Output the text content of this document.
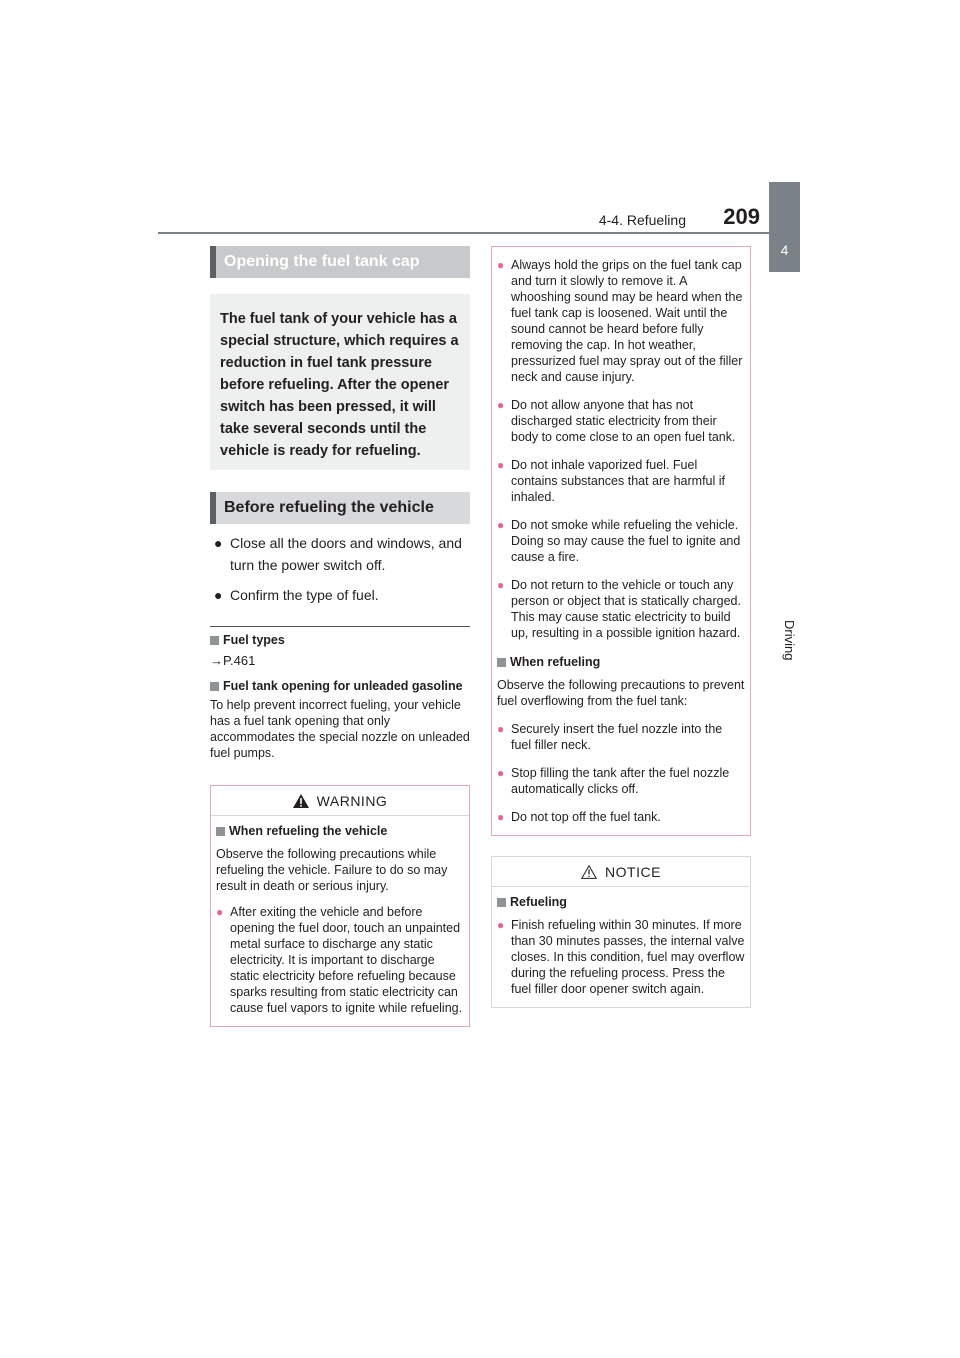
4-4. Refueling 209
4
Driving
Opening the fuel tank cap
The fuel tank of your vehicle has a special structure, which requires a reduction in fuel tank pressure before refueling. After the opener switch has been pressed, it will take several seconds until the vehicle is ready for refueling.
Before refueling the vehicle
● Close all the doors and windows, and turn the power switch off.
● Confirm the type of fuel.
Fuel types
→P.461
Fuel tank opening for unleaded gasoline
To help prevent incorrect fueling, your vehicle has a fuel tank opening that only accommodates the special nozzle on unleaded fuel pumps.
WARNING
When refueling the vehicle
Observe the following precautions while refueling the vehicle. Failure to do so may result in death or serious injury.
● After exiting the vehicle and before opening the fuel door, touch an unpainted metal surface to discharge any static electricity. It is important to discharge static electricity before refueling because sparks resulting from static electricity can cause fuel vapors to ignite while refueling.
● Always hold the grips on the fuel tank cap and turn it slowly to remove it. A whooshing sound may be heard when the fuel tank cap is loosened. Wait until the sound cannot be heard before fully removing the cap. In hot weather, pressurized fuel may spray out of the filler neck and cause injury.
● Do not allow anyone that has not discharged static electricity from their body to come close to an open fuel tank.
● Do not inhale vaporized fuel. Fuel contains substances that are harmful if inhaled.
● Do not smoke while refueling the vehicle. Doing so may cause the fuel to ignite and cause a fire.
● Do not return to the vehicle or touch any person or object that is statically charged. This may cause static electricity to build up, resulting in a possible ignition hazard.
When refueling
Observe the following precautions to prevent fuel overflowing from the fuel tank:
● Securely insert the fuel nozzle into the fuel filler neck.
● Stop filling the tank after the fuel nozzle automatically clicks off.
● Do not top off the fuel tank.
NOTICE
Refueling
● Finish refueling within 30 minutes. If more than 30 minutes passes, the internal valve closes. In this condition, fuel may overflow during the refueling process. Press the fuel filler door opener switch again.
